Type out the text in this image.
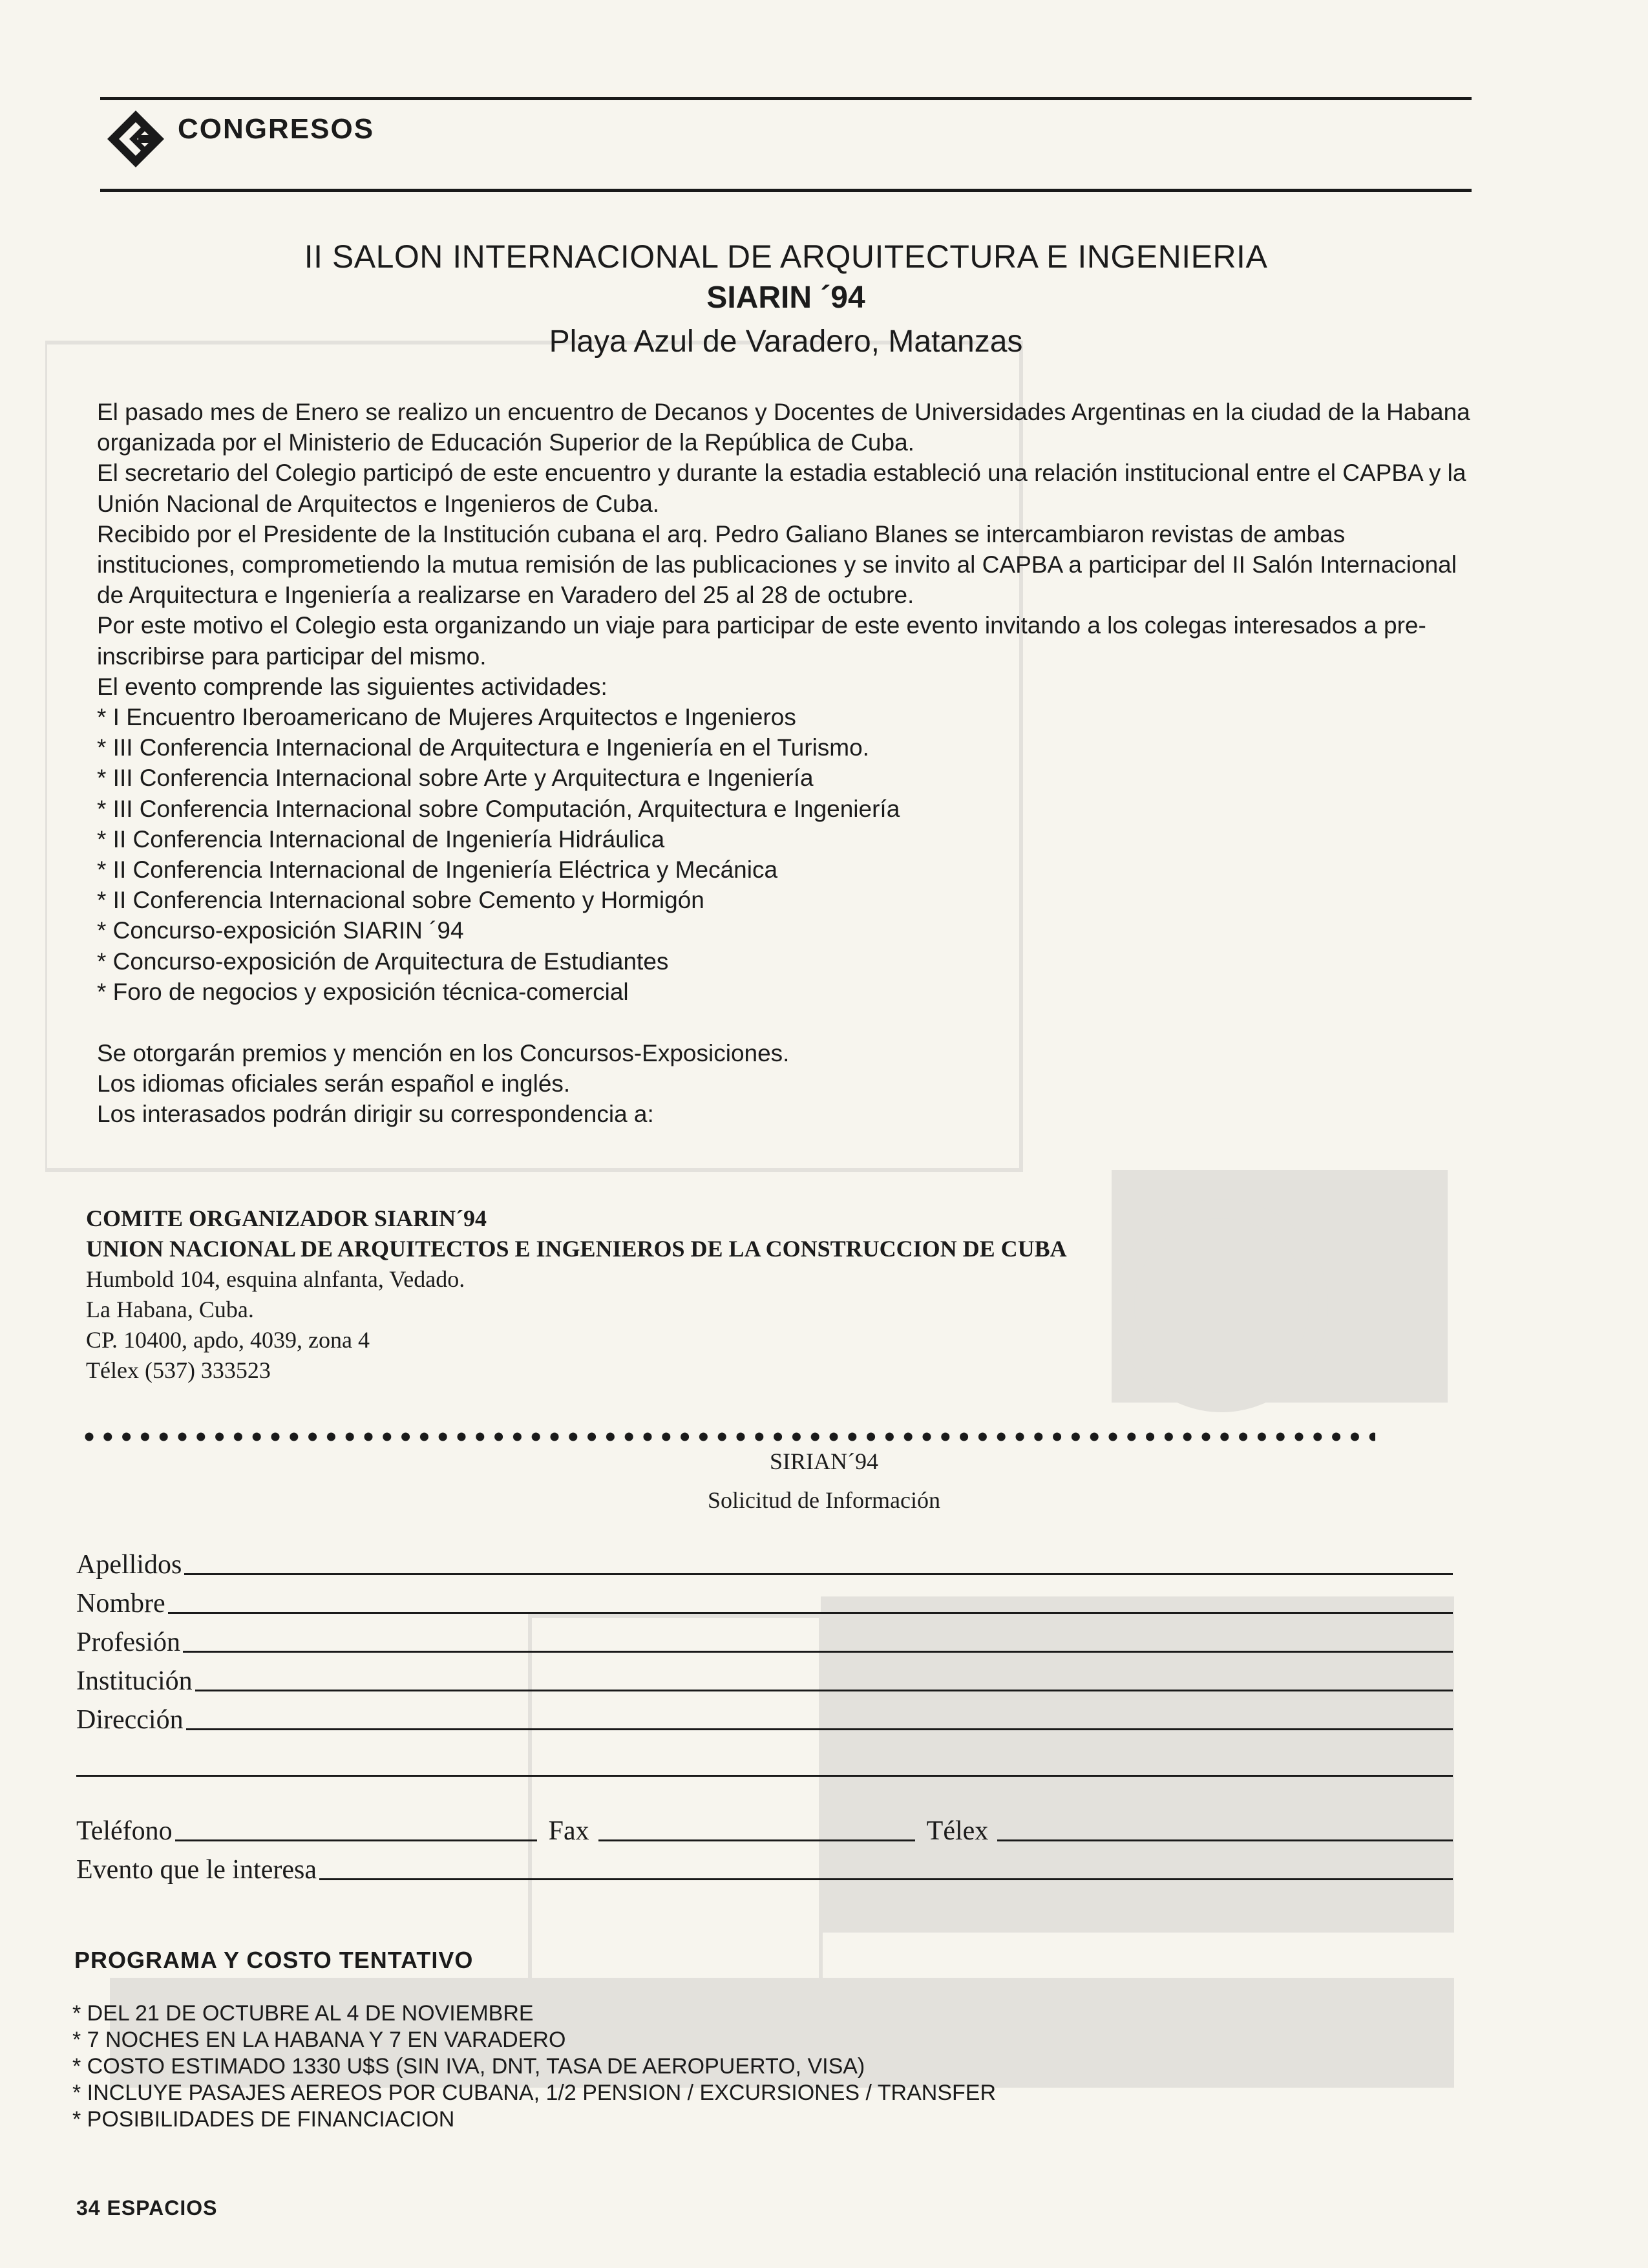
CONGRESOS
II SALON INTERNACIONAL DE ARQUITECTURA E INGENIERIA
SIARIN ´94
Playa Azul de Varadero, Matanzas

El pasado mes de Enero se realizo un encuentro de Decanos y Docentes de Universidades Argentinas en la ciudad de la Habana organizada por el Ministerio de Educación Superior de la República de Cuba.

El secretario del Colegio participó de este encuentro y durante la estadia estableció una relación institucional entre el CAPBA y la Unión Nacional de Arquitectos e Ingenieros de Cuba.

Recibido por el Presidente de la Institución cubana el arq. Pedro Galiano Blanes se intercambiaron revistas de ambas instituciones, comprometiendo la mutua remisión de las publicaciones y se invito al CAPBA a participar del II Salón Internacional de Arquitectura e Ingeniería a realizarse en Varadero del 25 al 28 de octubre.

Por este motivo el Colegio esta organizando un viaje para participar de este evento invitando a los colegas interesados a pre-inscribirse para participar del mismo.

El evento comprende las siguientes actividades:

* I Encuentro Iberoamericano de Mujeres Arquitectos e Ingenieros
* III Conferencia Internacional de Arquitectura e Ingeniería en el Turismo.
* III Conferencia Internacional sobre Arte y Arquitectura e Ingeniería
* III Conferencia Internacional sobre Computación, Arquitectura e Ingeniería
* II Conferencia Internacional de Ingeniería Hidráulica
* II Conferencia Internacional de Ingeniería Eléctrica y Mecánica
* II Conferencia Internacional sobre Cemento y Hormigón
* Concurso-exposición SIARIN ´94
* Concurso-exposición de Arquitectura de Estudiantes
* Foro de negocios y exposición técnica-comercial

Se otorgarán premios y mención en los Concursos-Exposiciones.

Los idiomas oficiales serán español e inglés.

Los interasados podrán dirigir su correspondencia a:

COMITE ORGANIZADOR SIARIN´94
UNION NACIONAL DE ARQUITECTOS E INGENIEROS DE LA CONSTRUCCION DE CUBA
Humbold 104, esquina alnfanta, Vedado.
La Habana, Cuba.
CP. 10400, apdo, 4039, zona 4
Télex (537) 333523
SIRIAN´94
Solicitud de Información
Apellidos
Nombre
Profesión
Institución
Dirección
Teléfono	Fax	Télex
Evento que le interesa
PROGRAMA Y COSTO TENTATIVO
* DEL 21 DE OCTUBRE AL 4 DE NOVIEMBRE
* 7 NOCHES EN LA HABANA Y 7 EN VARADERO
* COSTO ESTIMADO 1330 U$S (SIN IVA, DNT, TASA DE AEROPUERTO, VISA)
* INCLUYE PASAJES AEREOS POR CUBANA, 1/2 PENSION / EXCURSIONES / TRANSFER
* POSIBILIDADES DE FINANCIACION
34 ESPACIOS
